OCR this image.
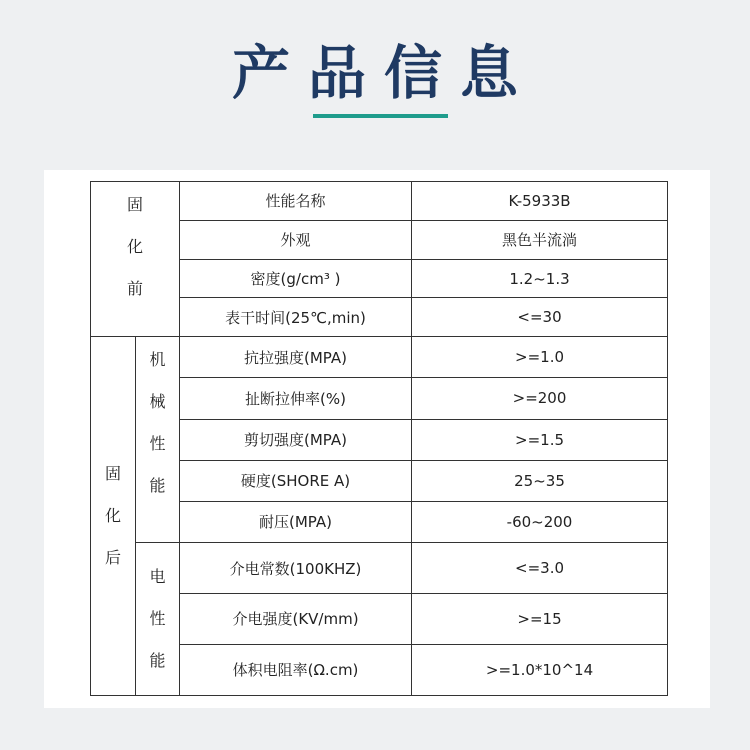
产品信息
固
化
前		性能名称	K-5933B
		外观	黑色半流淌
		密度(g/cm³ )	1.2~1.3
		表干时间(25℃,min)	<=30

固
化
后	机
械
性
能	抗拉强度(MPA)	>=1.0
		扯断拉伸率(%)	>=200
		剪切强度(MPA)	>=1.5
		硬度(SHORE A)	25~35
		耐压(MPA)	-60~200

	电
性
能	介电常数(100KHZ)	<=3.0
		介电强度(KV/mm)	>=15
		体积电阻率(Ω.cm)	>=1.0*10^14
